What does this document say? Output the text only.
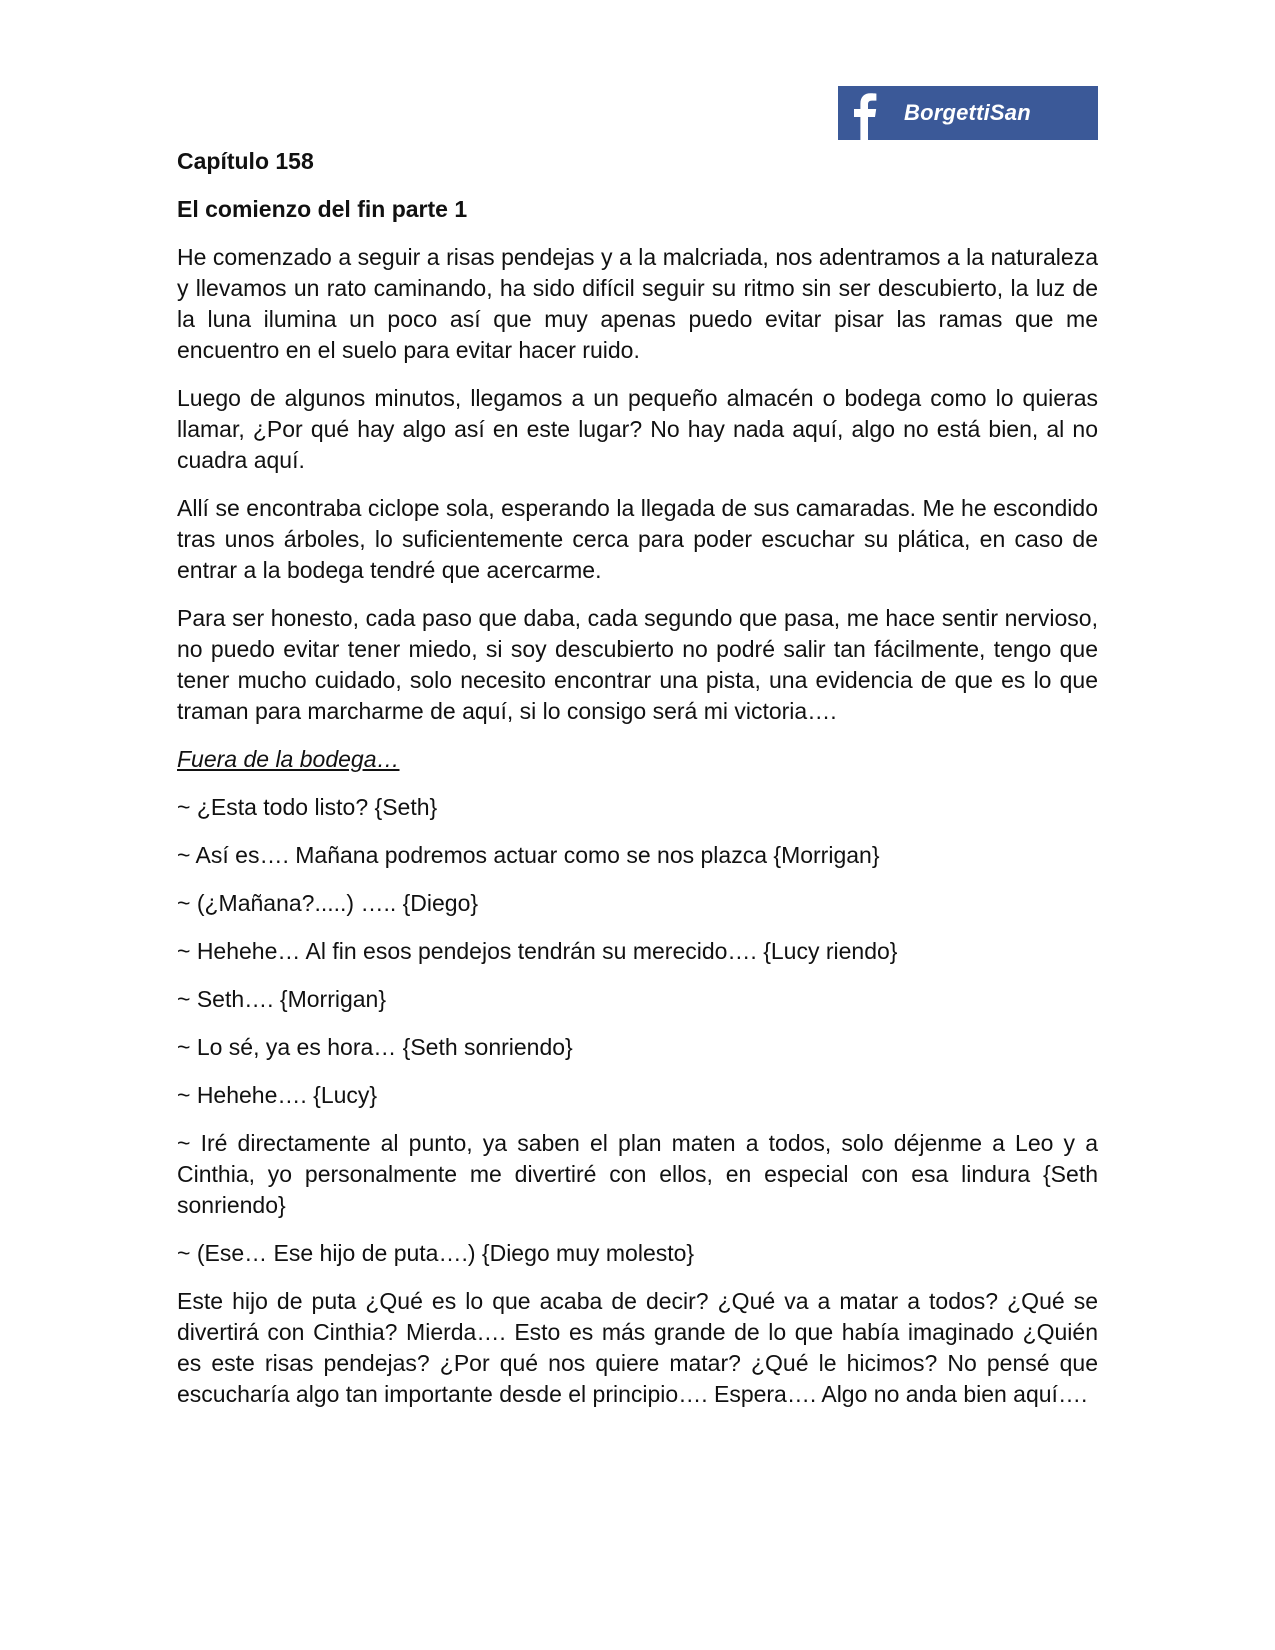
BorgettiSan
Capítulo 158
El comienzo del fin parte 1

He comenzado a seguir a risas pendejas y a la malcriada, nos adentramos a la naturaleza y llevamos un rato caminando, ha sido difícil seguir su ritmo sin ser descubierto, la luz de la luna ilumina un poco así que muy apenas puedo evitar pisar las ramas que me encuentro en el suelo para evitar hacer ruido.

Luego de algunos minutos, llegamos a un pequeño almacén o bodega como lo quieras llamar, ¿Por qué hay algo así en este lugar? No hay nada aquí, algo no está bien, al no cuadra aquí.

Allí se encontraba ciclope sola, esperando la llegada de sus camaradas. Me he escondido tras unos árboles, lo suficientemente cerca para poder escuchar su plática, en caso de entrar a la bodega tendré que acercarme.

Para ser honesto, cada paso que daba, cada segundo que pasa, me hace sentir nervioso, no puedo evitar tener miedo, si soy descubierto no podré salir tan fácilmente, tengo que tener mucho cuidado, solo necesito encontrar una pista, una evidencia de que es lo que traman para marcharme de aquí, si lo consigo será mi victoria….

Fuera de la bodega…

~ ¿Esta todo listo? {Seth}

~ Así es…. Mañana podremos actuar como se nos plazca {Morrigan}

~ (¿Mañana?.....) ….. {Diego}

~ Hehehe… Al fin esos pendejos tendrán su merecido…. {Lucy riendo}

~ Seth…. {Morrigan}

~ Lo sé, ya es hora… {Seth sonriendo}

~ Hehehe…. {Lucy}

~ Iré directamente al punto, ya saben el plan maten a todos, solo déjenme a Leo y a Cinthia, yo personalmente me divertiré con ellos, en especial con esa lindura {Seth sonriendo}

~ (Ese… Ese hijo de puta….) {Diego muy molesto}

Este hijo de puta ¿Qué es lo que acaba de decir? ¿Qué va a matar a todos? ¿Qué se divertirá con Cinthia? Mierda…. Esto es más grande de lo que había imaginado ¿Quién es este risas pendejas? ¿Por qué nos quiere matar? ¿Qué le hicimos? No pensé que escucharía algo tan importante desde el principio…. Espera…. Algo no anda bien aquí….
